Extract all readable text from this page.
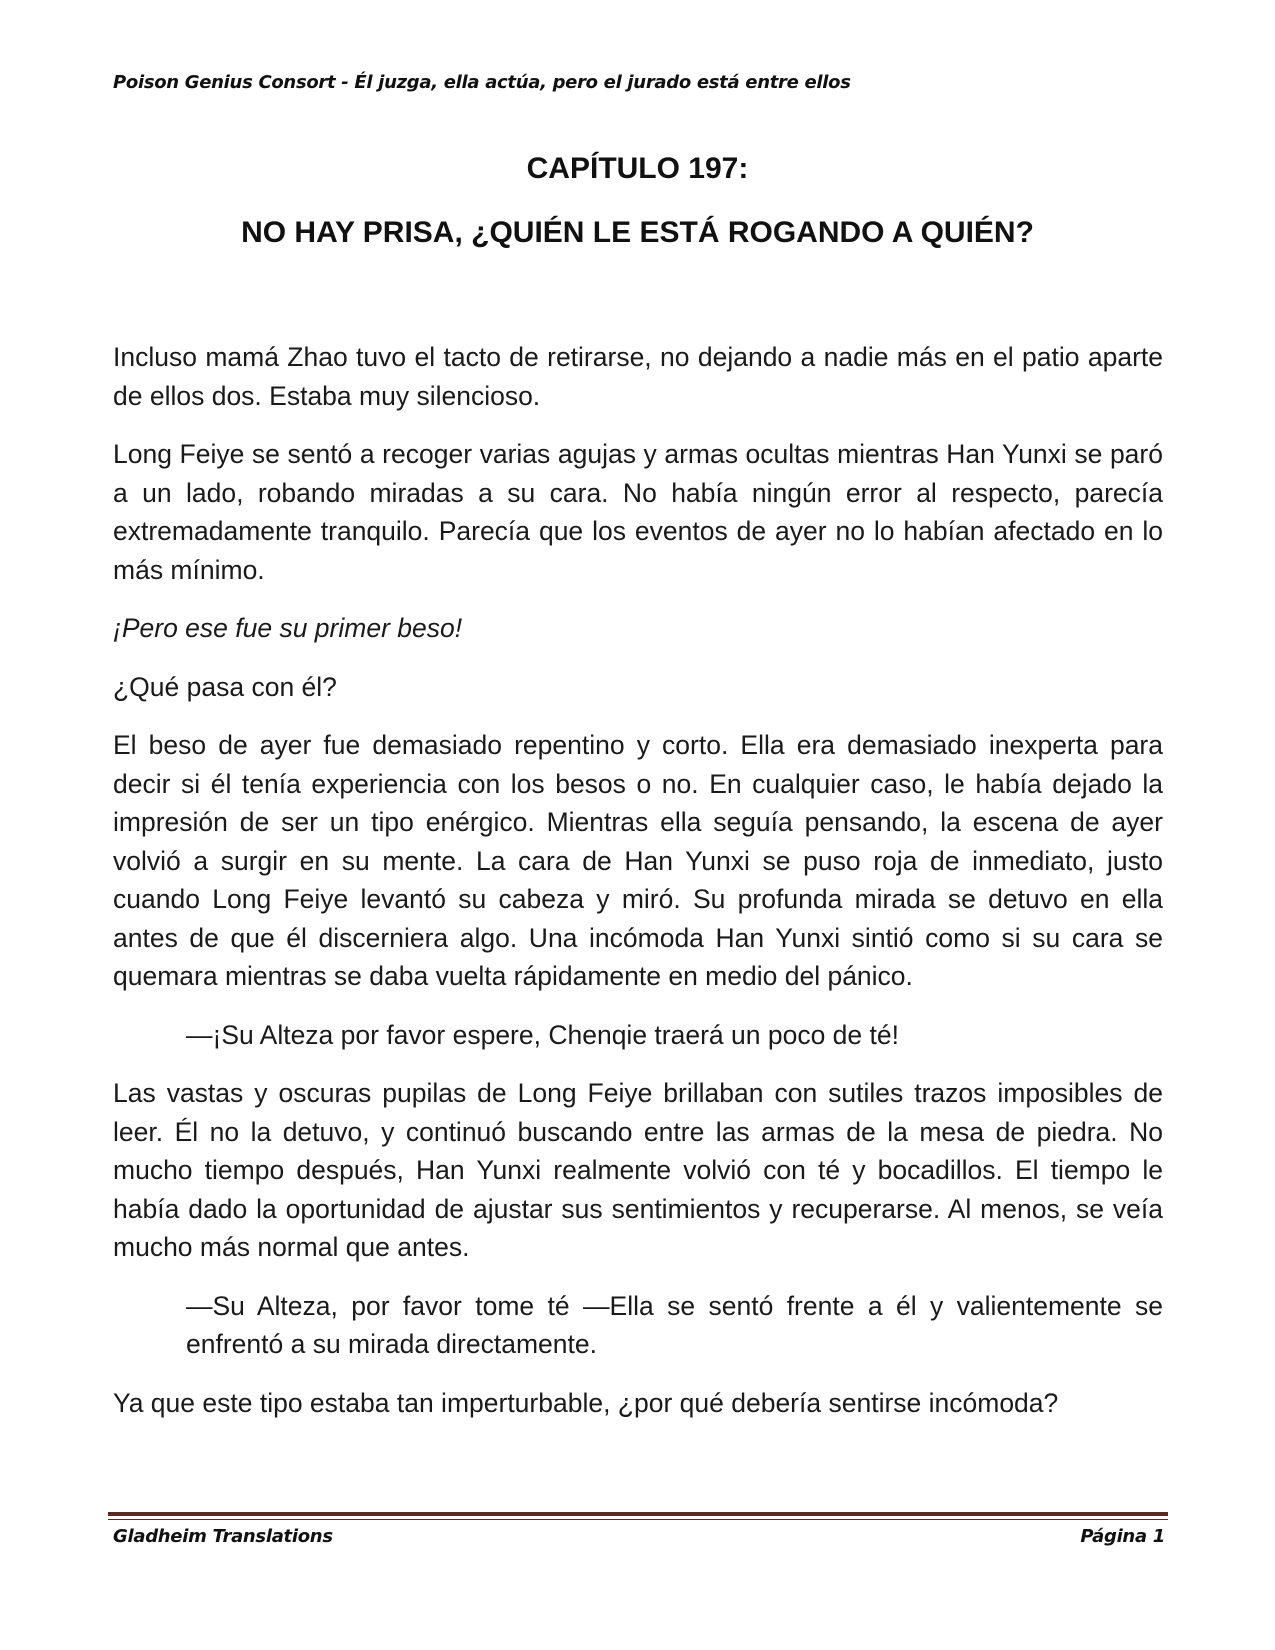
Poison Genius Consort - Él juzga, ella actúa, pero el jurado está entre ellos
CAPÍTULO 197:
NO HAY PRISA, ¿QUIÉN LE ESTÁ ROGANDO A QUIÉN?

Incluso mamá Zhao tuvo el tacto de retirarse, no dejando a nadie más en el patio aparte de ellos dos. Estaba muy silencioso.

Long Feiye se sentó a recoger varias agujas y armas ocultas mientras Han Yunxi se paró a un lado, robando miradas a su cara. No había ningún error al respecto, parecía extremadamente tranquilo. Parecía que los eventos de ayer no lo habían afectado en lo más mínimo.

¡Pero ese fue su primer beso!

¿Qué pasa con él?

El beso de ayer fue demasiado repentino y corto. Ella era demasiado inexperta para decir si él tenía experiencia con los besos o no. En cualquier caso, le había dejado la impresión de ser un tipo enérgico. Mientras ella seguía pensando, la escena de ayer volvió a surgir en su mente. La cara de Han Yunxi se puso roja de inmediato, justo cuando Long Feiye levantó su cabeza y miró. Su profunda mirada se detuvo en ella antes de que él discerniera algo. Una incómoda Han Yunxi sintió como si su cara se quemara mientras se daba vuelta rápidamente en medio del pánico.

—¡Su Alteza por favor espere, Chenqie traerá un poco de té!

Las vastas y oscuras pupilas de Long Feiye brillaban con sutiles trazos imposibles de leer. Él no la detuvo, y continuó buscando entre las armas de la mesa de piedra. No mucho tiempo después, Han Yunxi realmente volvió con té y bocadillos. El tiempo le había dado la oportunidad de ajustar sus sentimientos y recuperarse. Al menos, se veía mucho más normal que antes.

—Su Alteza, por favor tome té —Ella se sentó frente a él y valientemente se enfrentó a su mirada directamente.

Ya que este tipo estaba tan imperturbable, ¿por qué debería sentirse incómoda?

Gladheim Translations	Página 1
